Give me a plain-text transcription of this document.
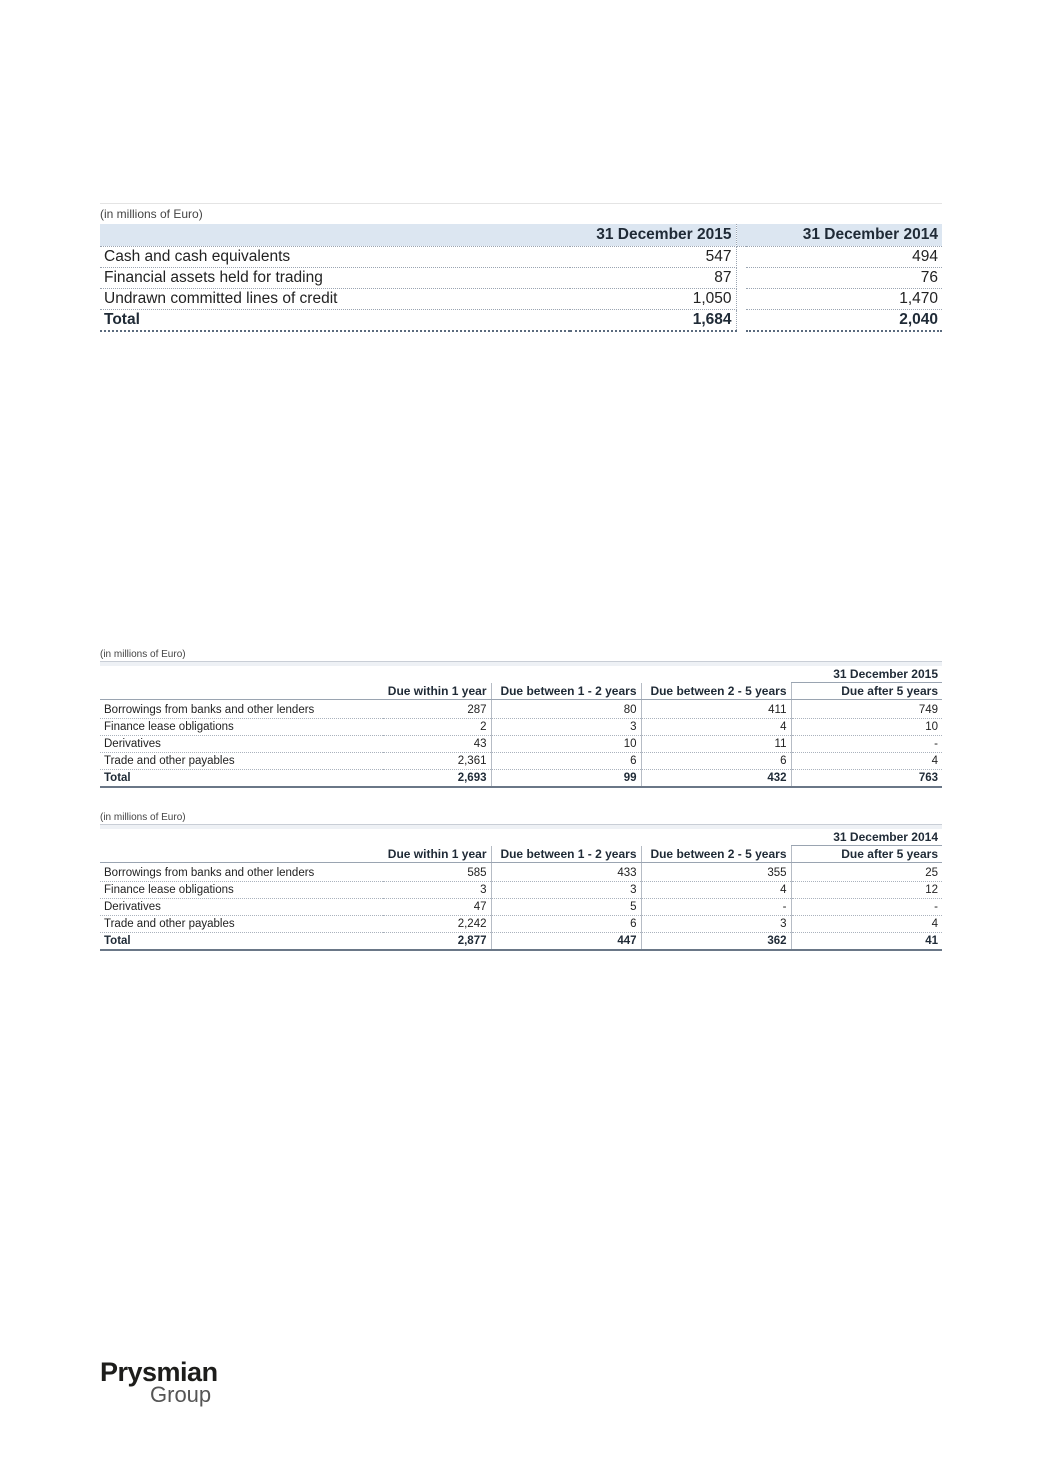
(in millions of Euro)
	31 December 2015		31 December 2014
Cash and cash equivalents	547		494
Financial assets held for trading	87		76
Undrawn committed lines of credit	1,050		1,470
Total	1,684		2,040
(in millions of Euro)
				31 December 2015
	Due within 1 year	Due between 1 - 2 years	Due between 2 - 5 years	Due after 5 years
Borrowings from banks and other lenders	287	80	411	749
Finance lease obligations	2	3	4	10
Derivatives	43	10	11	-
Trade and other payables	2,361	6	6	4
Total	2,693	99	432	763
(in millions of Euro)
				31 December 2014
	Due within 1 year	Due between 1 - 2 years	Due between 2 - 5 years	Due after 5 years
Borrowings from banks and other lenders	585	433	355	25
Finance lease obligations	3	3	4	12
Derivatives	47	5	-	-
Trade and other payables	2,242	6	3	4
Total	2,877	447	362	41
Prysmian
Group
